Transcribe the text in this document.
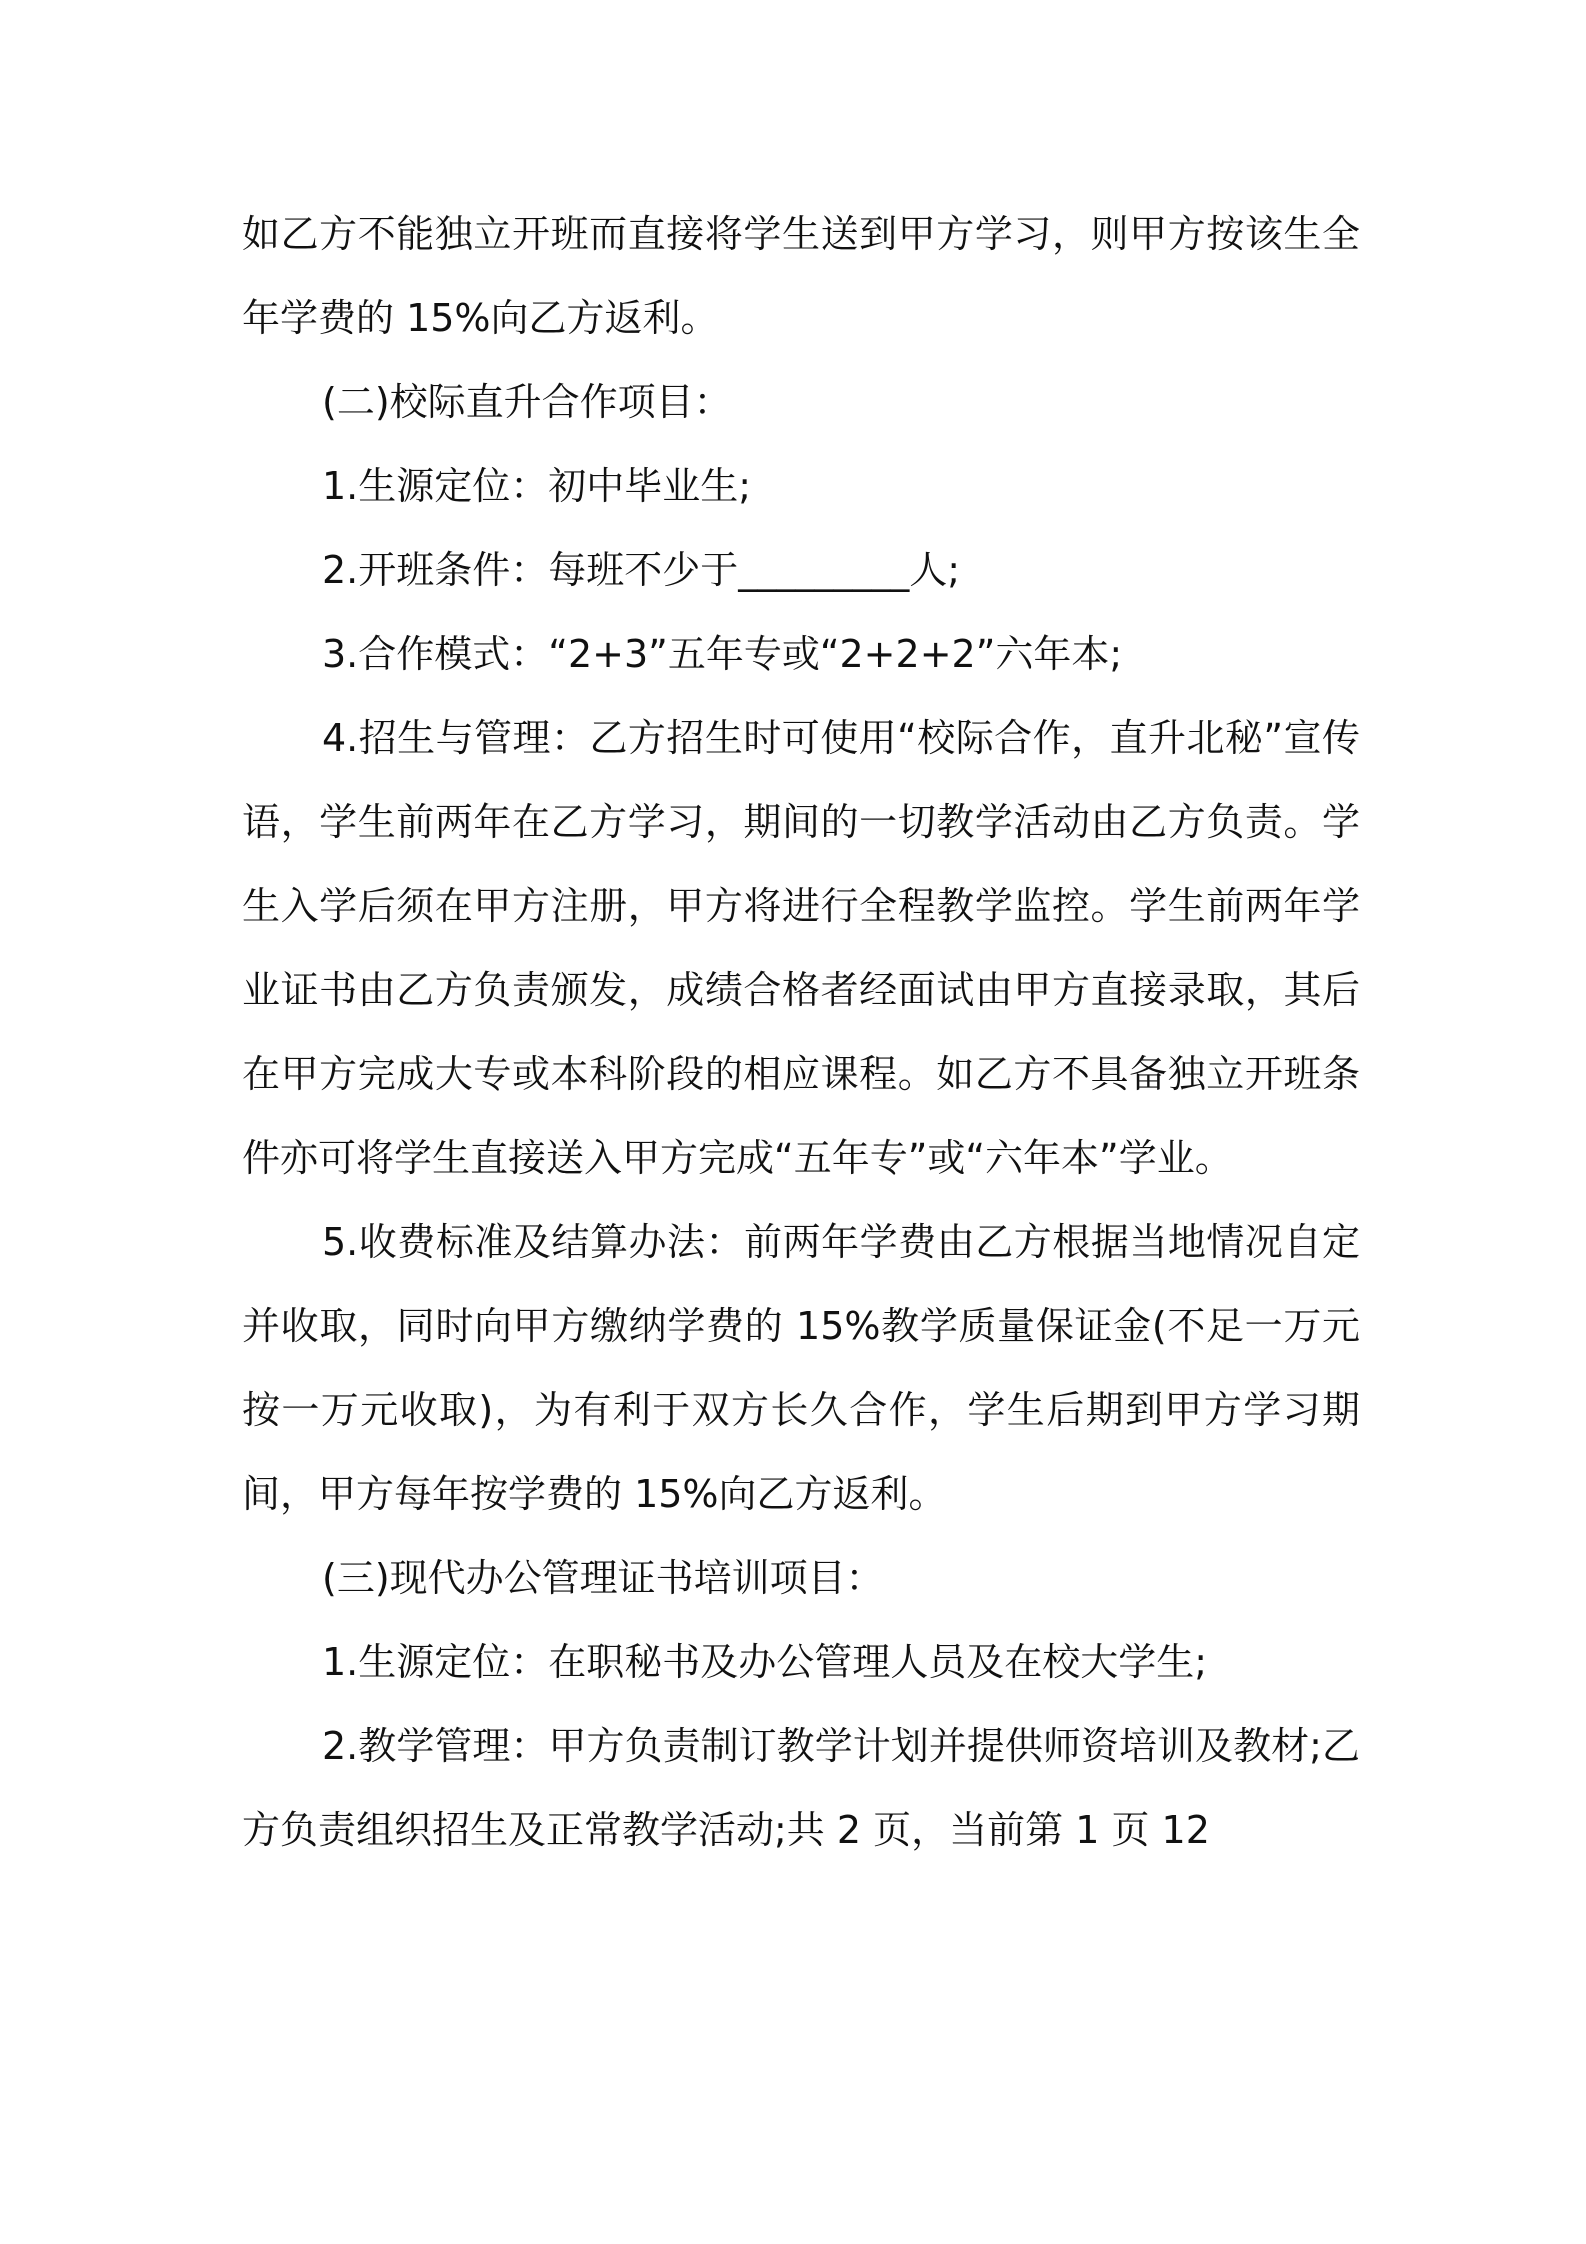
如乙方不能独立开班而直接将学生送到甲方学习，则甲方按该生全年学费的 15%向乙方返利。

(二)校际直升合作项目：

1.生源定位：初中毕业生;

2.开班条件：每班不少于_________人;

3.合作模式：“2+3”五年专或“2+2+2”六年本;

4.招生与管理：乙方招生时可使用“校际合作，直升北秘”宣传语，学生前两年在乙方学习，期间的一切教学活动由乙方负责。学生入学后须在甲方注册，甲方将进行全程教学监控。学生前两年学业证书由乙方负责颁发，成绩合格者经面试由甲方直接录取，其后在甲方完成大专或本科阶段的相应课程。如乙方不具备独立开班条件亦可将学生直接送入甲方完成“五年专”或“六年本”学业。

5.收费标准及结算办法：前两年学费由乙方根据当地情况自定并收取，同时向甲方缴纳学费的 15%教学质量保证金(不足一万元按一万元收取)，为有利于双方长久合作，学生后期到甲方学习期间，甲方每年按学费的 15%向乙方返利。

(三)现代办公管理证书培训项目：

1.生源定位：在职秘书及办公管理人员及在校大学生;

2.教学管理：甲方负责制订教学计划并提供师资培训及教材;乙方负责组织招生及正常教学活动;共 2 页，当前第 1 页 12
